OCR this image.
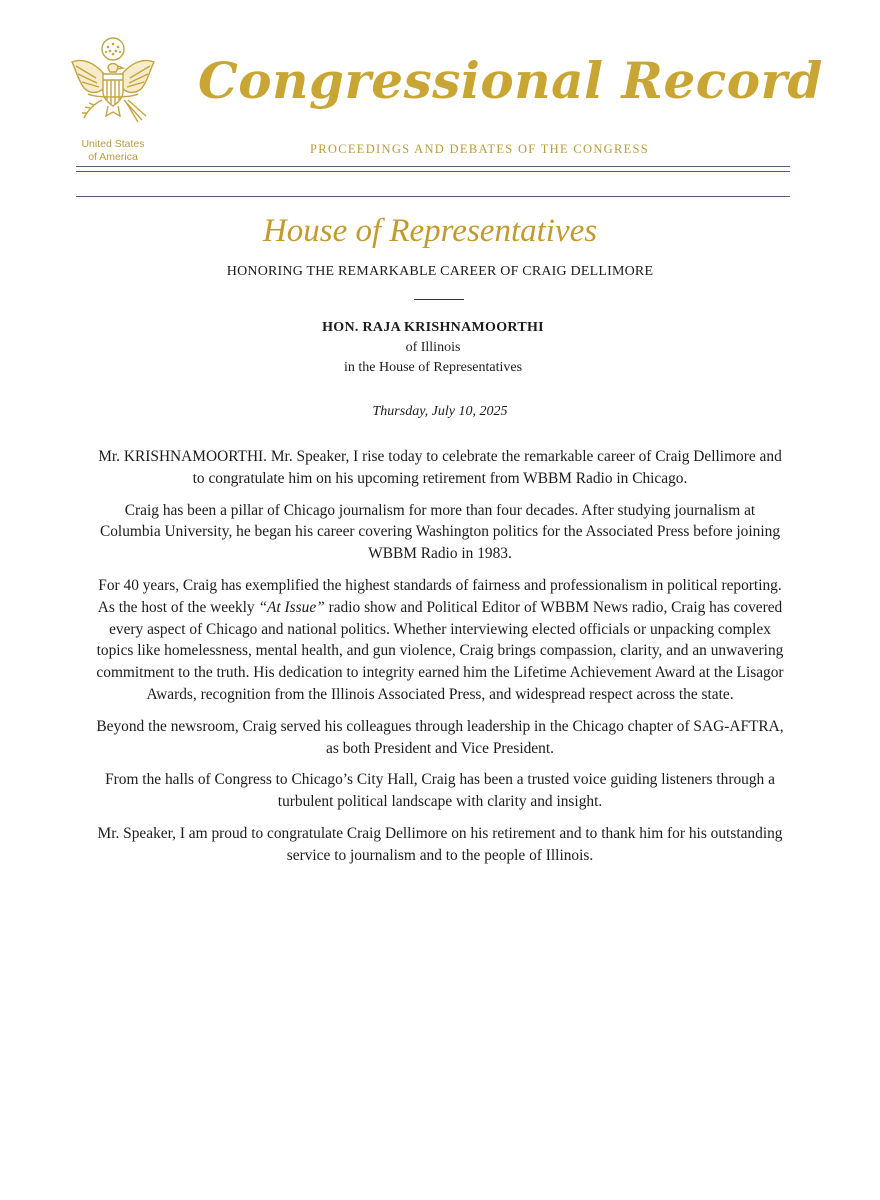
United States
of America
Congressional Record
PROCEEDINGS AND DEBATES OF THE CONGRESS
House of Representatives
HONORING THE REMARKABLE CAREER OF CRAIG DELLIMORE
HON. RAJA KRISHNAMOORTHI
of Illinois
in the House of Representatives
Thursday, July 10, 2025

Mr. KRISHNAMOORTHI. Mr. Speaker, I rise today to celebrate the remarkable career of Craig Dellimore and to congratulate him on his upcoming retirement from WBBM Radio in Chicago.

Craig has been a pillar of Chicago journalism for more than four decades. After studying journalism at Columbia University, he began his career covering Washington politics for the Associated Press before joining WBBM Radio in 1983.

For 40 years, Craig has exemplified the highest standards of fairness and professionalism in political reporting. As the host of the weekly “At Issue” radio show and Political Editor of WBBM News radio, Craig has covered every aspect of Chicago and national politics. Whether interviewing elected officials or unpacking complex topics like homelessness, mental health, and gun violence, Craig brings compassion, clarity, and an unwavering commitment to the truth. His dedication to integrity earned him the Lifetime Achievement Award at the Lisagor Awards, recognition from the Illinois Associated Press, and widespread respect across the state.

Beyond the newsroom, Craig served his colleagues through leadership in the Chicago chapter of SAG-AFTRA, as both President and Vice President.

From the halls of Congress to Chicago’s City Hall, Craig has been a trusted voice guiding listeners through a turbulent political landscape with clarity and insight.

Mr. Speaker, I am proud to congratulate Craig Dellimore on his retirement and to thank him for his outstanding service to journalism and to the people of Illinois.
